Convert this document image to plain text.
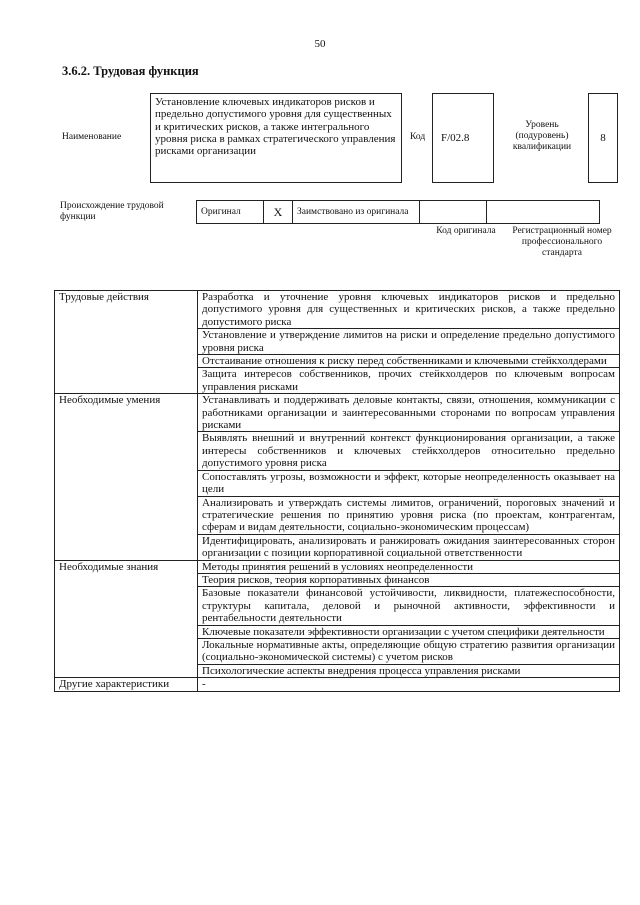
50
3.6.2. Трудовая функция
Наименование
Установление ключевых индикаторов рисков и предельно допустимого уровня для существенных и критических рисков, а также интегрального уровня риска в рамках стратегического управления рисками организации
Код	F/02.8
Уровень (подуровень) квалификации
8
Происхождение трудовой функции	Оригинал	X	Заимствовано из оригинала		
Код оригинала	Регистрационный номер профессионального стандарта
Трудовые действия	Разработка и уточнение уровня ключевых индикаторов рисков и предельно допустимого уровня для существенных и критических рисков, а также предельно допустимого риска
	Установление и утверждение лимитов на риски и определение предельно допустимого уровня риска
	Отстаивание отношения к риску перед собственниками и ключевыми стейкхолдерами
	Защита интересов собственников, прочих стейкхолдеров по ключевым вопросам управления рисками
Необходимые умения	Устанавливать и поддерживать деловые контакты, связи, отношения, коммуникации с работниками организации и заинтересованными сторонами по вопросам управления рисками
	Выявлять внешний и внутренний контекст функционирования организации, а также интересы собственников и ключевых стейкхолдеров относительно предельно допустимого уровня риска
	Сопоставлять угрозы, возможности и эффект, которые неопределенность оказывает на цели
	Анализировать и утверждать системы лимитов, ограничений, пороговых значений и стратегические решения по принятию уровня риска (по проектам, контрагентам, сферам и видам деятельности, социально-экономическим процессам)
	Идентифицировать, анализировать и ранжировать ожидания заинтересованных сторон организации с позиции корпоративной социальной ответственности
Необходимые знания	Методы принятия решений в условиях неопределенности
	Теория рисков, теория корпоративных финансов
	Базовые показатели финансовой устойчивости, ликвидности, платежеспособности, структуры капитала, деловой и рыночной активности, эффективности и рентабельности деятельности
	Ключевые показатели эффективности организации с учетом специфики деятельности
	Локальные нормативные акты, определяющие общую стратегию развития организации (социально-экономической системы) с учетом рисков
	Психологические аспекты внедрения процесса управления рисками
Другие характеристики	-
